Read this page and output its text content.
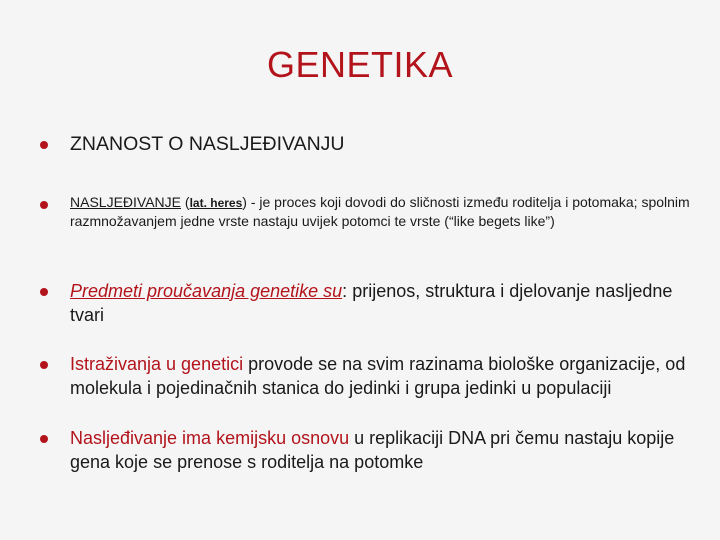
GENETIKA
ZNANOST O NASLJEĐIVANJU
NASLJEĐIVANJE (lat. heres) - je proces koji dovodi do sličnosti između roditelja i potomaka; spolnim razmnožavanjem jedne vrste nastaju uvijek potomci te vrste (“like begets like”)
Predmeti proučavanja genetike su: prijenos, struktura i djelovanje nasljedne tvari
Istraživanja u genetici provode se na svim razinama biološke organizacije, od molekula i pojedinačnih stanica do jedinki i grupa jedinki u populaciji
Nasljeđivanje ima kemijsku osnovu u replikaciji DNA pri čemu nastaju kopije gena koje se prenose s roditelja na potomke
